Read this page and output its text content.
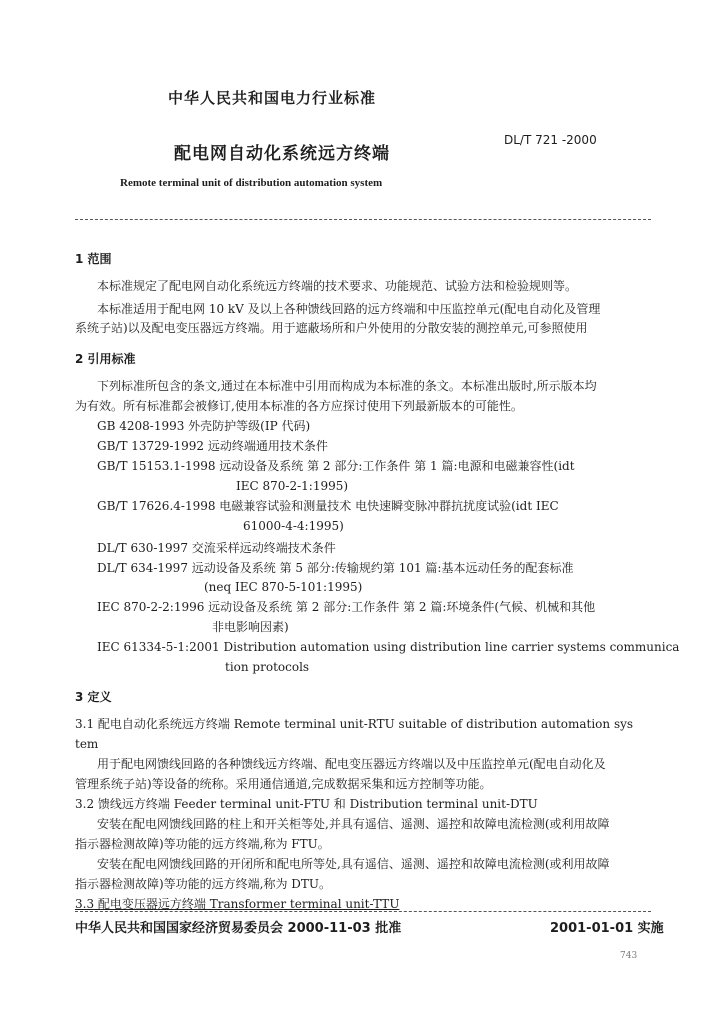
中华人民共和国电力行业标准
配电网自动化系统远方终端
DL/T 721 -2000
Remote terminal unit of distribution automation system
1 范围
本标准规定了配电网自动化系统远方终端的技术要求、功能规范、试验方法和检验规则等。
本标准适用于配电网 10 kV 及以上各种馈线回路的远方终端和中压监控单元(配电自动化及管理
系统子站)以及配电变压器远方终端。用于遮蔽场所和户外使用的分散安装的测控单元,可参照使用
2 引用标准
下列标准所包含的条文,通过在本标准中引用而构成为本标准的条文。本标准出版时,所示版本均
为有效。所有标准都会被修订,使用本标准的各方应探讨使用下列最新版本的可能性。
GB 4208-1993 外壳防护等级(IP 代码)
GB/T 13729-1992 远动终端通用技术条件
GB/T 15153.1-1998 远动设备及系统 第 2 部分:工作条件 第 1 篇:电源和电磁兼容性(idt
IEC 870-2-1:1995)
GB/T 17626.4-1998 电磁兼容试验和测量技术 电快速瞬变脉冲群抗扰度试验(idt IEC
61000-4-4:1995)
DL/T 630-1997 交流采样远动终端技术条件
DL/T 634-1997 远动设备及系统 第 5 部分:传输规约第 101 篇:基本远动任务的配套标准
(neq IEC 870-5-101:1995)
IEC 870-2-2:1996 远动设备及系统 第 2 部分:工作条件 第 2 篇:环境条件(气候、机械和其他
非电影响因素)
IEC 61334-5-1:2001 Distribution automation using distribution line carrier systems communica
tion protocols
3 定义
3.1 配电自动化系统远方终端 Remote terminal unit-RTU suitable of distribution automation sys
tem
用于配电网馈线回路的各种馈线远方终端、配电变压器远方终端以及中压监控单元(配电自动化及
管理系统子站)等设备的统称。采用通信通道,完成数据采集和远方控制等功能。
3.2 馈线远方终端 Feeder terminal unit-FTU 和 Distribution terminal unit-DTU
安装在配电网馈线回路的柱上和开关柜等处,并具有遥信、遥测、遥控和故障电流检测(或利用故障
指示器检测故障)等功能的远方终端,称为 FTU。
安装在配电网馈线回路的开闭所和配电所等处,具有遥信、遥测、遥控和故障电流检测(或利用故障
指示器检测故障)等功能的远方终端,称为 DTU。
3.3 配电变压器远方终端 Transformer terminal unit-TTU
中华人民共和国国家经济贸易委员会 2000-11-03 批准	2001-01-01 实施
743
